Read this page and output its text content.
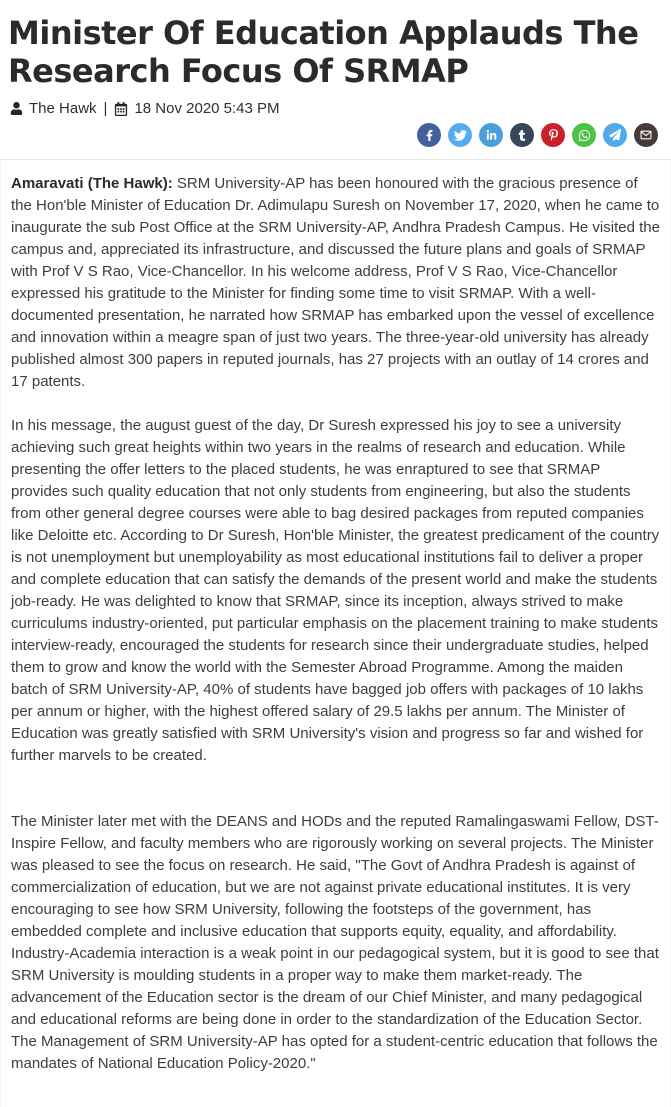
Minister Of Education Applauds The Research Focus Of SRMAP
The Hawk | 18 Nov 2020 5:43 PM

Amaravati (The Hawk): SRM University-AP has been honoured with the gracious presence of the Hon'ble Minister of Education Dr. Adimulapu Suresh on November 17, 2020, when he came to inaugurate the sub Post Office at the SRM University-AP, Andhra Pradesh Campus. He visited the campus and, appreciated its infrastructure, and discussed the future plans and goals of SRMAP with Prof V S Rao, Vice-Chancellor. In his welcome address, Prof V S Rao, Vice-Chancellor expressed his gratitude to the Minister for finding some time to visit SRMAP. With a well-documented presentation, he narrated how SRMAP has embarked upon the vessel of excellence and innovation within a meagre span of just two years. The three-year-old university has already published almost 300 papers in reputed journals, has 27 projects with an outlay of 14 crores and 17 patents.

In his message, the august guest of the day, Dr Suresh expressed his joy to see a university achieving such great heights within two years in the realms of research and education. While presenting the offer letters to the placed students, he was enraptured to see that SRMAP provides such quality education that not only students from engineering, but also the students from other general degree courses were able to bag desired packages from reputed companies like Deloitte etc. According to Dr Suresh, Hon'ble Minister, the greatest predicament of the country is not unemployment but unemployability as most educational institutions fail to deliver a proper and complete education that can satisfy the demands of the present world and make the students job-ready. He was delighted to know that SRMAP, since its inception, always strived to make curriculums industry-oriented, put particular emphasis on the placement training to make students interview-ready, encouraged the students for research since their undergraduate studies, helped them to grow and know the world with the Semester Abroad Programme. Among the maiden batch of SRM University-AP, 40% of students have bagged job offers with packages of 10 lakhs per annum or higher, with the highest offered salary of 29.5 lakhs per annum. The Minister of Education was greatly satisfied with SRM University's vision and progress so far and wished for further marvels to be created.

The Minister later met with the DEANS and HODs and the reputed Ramalingaswami Fellow, DST-Inspire Fellow, and faculty members who are rigorously working on several projects. The Minister was pleased to see the focus on research. He said, "The Govt of Andhra Pradesh is against of commercialization of education, but we are not against private educational institutes. It is very encouraging to see how SRM University, following the footsteps of the government, has embedded complete and inclusive education that supports equity, equality, and affordability. Industry-Academia interaction is a weak point in our pedagogical system, but it is good to see that SRM University is moulding students in a proper way to make them market-ready. The advancement of the Education sector is the dream of our Chief Minister, and many pedagogical and educational reforms are being done in order to the standardization of the Education Sector. The Management of SRM University-AP has opted for a student-centric education that follows the mandates of National Education Policy-2020."
